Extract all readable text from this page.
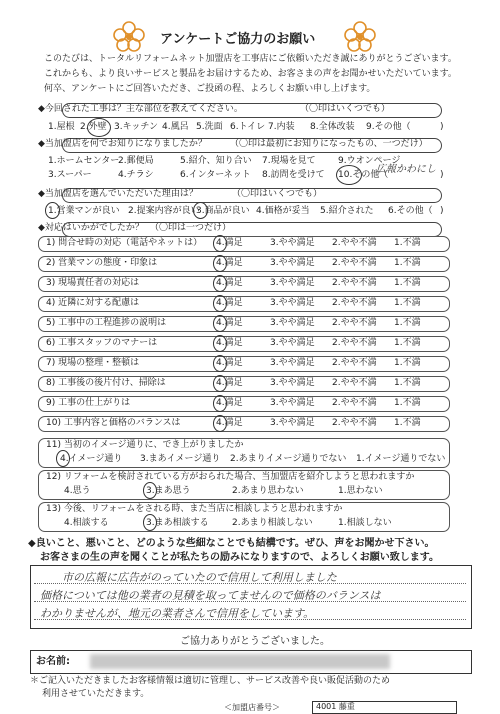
アンケートご協力のお願い
このたびは、トータルリフォームネット加盟店を工事店にご依頼いただき誠にありがとうございます。
これからも、より良いサービスと製品をお届けするため、お客さまの声をお聞かせいただいています。
何卒、アンケートにご回答いただき、ご投函の程、よろしくお願い申し上げます。
◆今回された工事は？主な部位を教えてください。	（〇印はいくつでも）
1.屋根 2.外壁 3.キッチン 4.風呂 5.洗面 6.トイレ 7.内装 8.全体改装 9.その他（	)
◆当加盟店を何でお知りになりましたか？	（〇印は最初にお知りになったもの、一つだけ）
1.ホームセンター
2.郵便局	5.紹介、知り合い 7.現場を見て 9.ウオンページ
3.スーパー	4.チラシ	6.インターネット 8.訪問を受けて 10.その他（	)
広報かわにし
◆当加盟店を選んでいただいた理由は？	（〇印はいくつでも）
1.営業マンが良い 2.提案内容が良い
3.商品が良い 4.価格が妥当 5.紹介された 6.その他（ )
◆対応はいかがでしたか？ （〇印は一つだけ）
1) 問合せ時の対応（電話やネットは） 4.満足	3.やや満足 2.やや不満 1.不満
2) 営業マンの態度・印象は	4.満足	3.やや満足 2.やや不満 1.不満
3) 現場責任者の対応は	4.満足	3.やや満足 2.やや不満 1.不満
4) 近隣に対する配慮は	4.満足	3.やや満足 2.やや不満 1.不満
5) 工事中の工程進捗の説明は	4.満足	3.やや満足 2.やや不満 1.不満
6) 工事スタッフのマナーは	4.満足	3.やや満足 2.やや不満 1.不満
7) 現場の整理・整頓は	4.満足	3.やや満足 2.やや不満 1.不満
8) 工事後の後片付け、掃除は	4.満足	3.やや満足 2.やや不満 1.不満
9) 工事の仕上がりは	4.満足	3.やや満足 2.やや不満 1.不満
10) 工事内容と価格のバランスは	4.満足	3.やや満足 2.やや不満 1.不満
11) 当初のイメージ通りに、でき上がりましたか
4.イメージ通り 3.まあイメージ通り 2.あまりイメージ通りでない 1.イメージ通りでない
12) リフォームを検討されている方がおられた場合、当加盟店を紹介しようと思われますか
4.思う	3.まあ思う	2.あまり思わない	1.思わない
13) 今後、リフォームをされる時、また当店に相談しようと思われますか
4.相談する	3.まあ相談する	2.あまり相談しない	1.相談しない
◆良いこと、悪いこと、どのような些細なことでも結構です。ぜひ、声をお聞かせ下さい。
お客さまの生の声を聞くことが私たちの励みになりますので、よろしくお願い致します。
市の広報に広告がのっていたので信用して利用しました
価格については他の業者の見積を取ってませんので価格のバランスは
わかりませんが、地元の業者さんで信用をしています。
ご協力ありがとうございました。
お名前:
＊ご記入いただきましたお客様情報は適切に管理し、サービス改善や良い販促活動のため
利用させていただきます。
＜加盟店番号＞	4001 藤重
